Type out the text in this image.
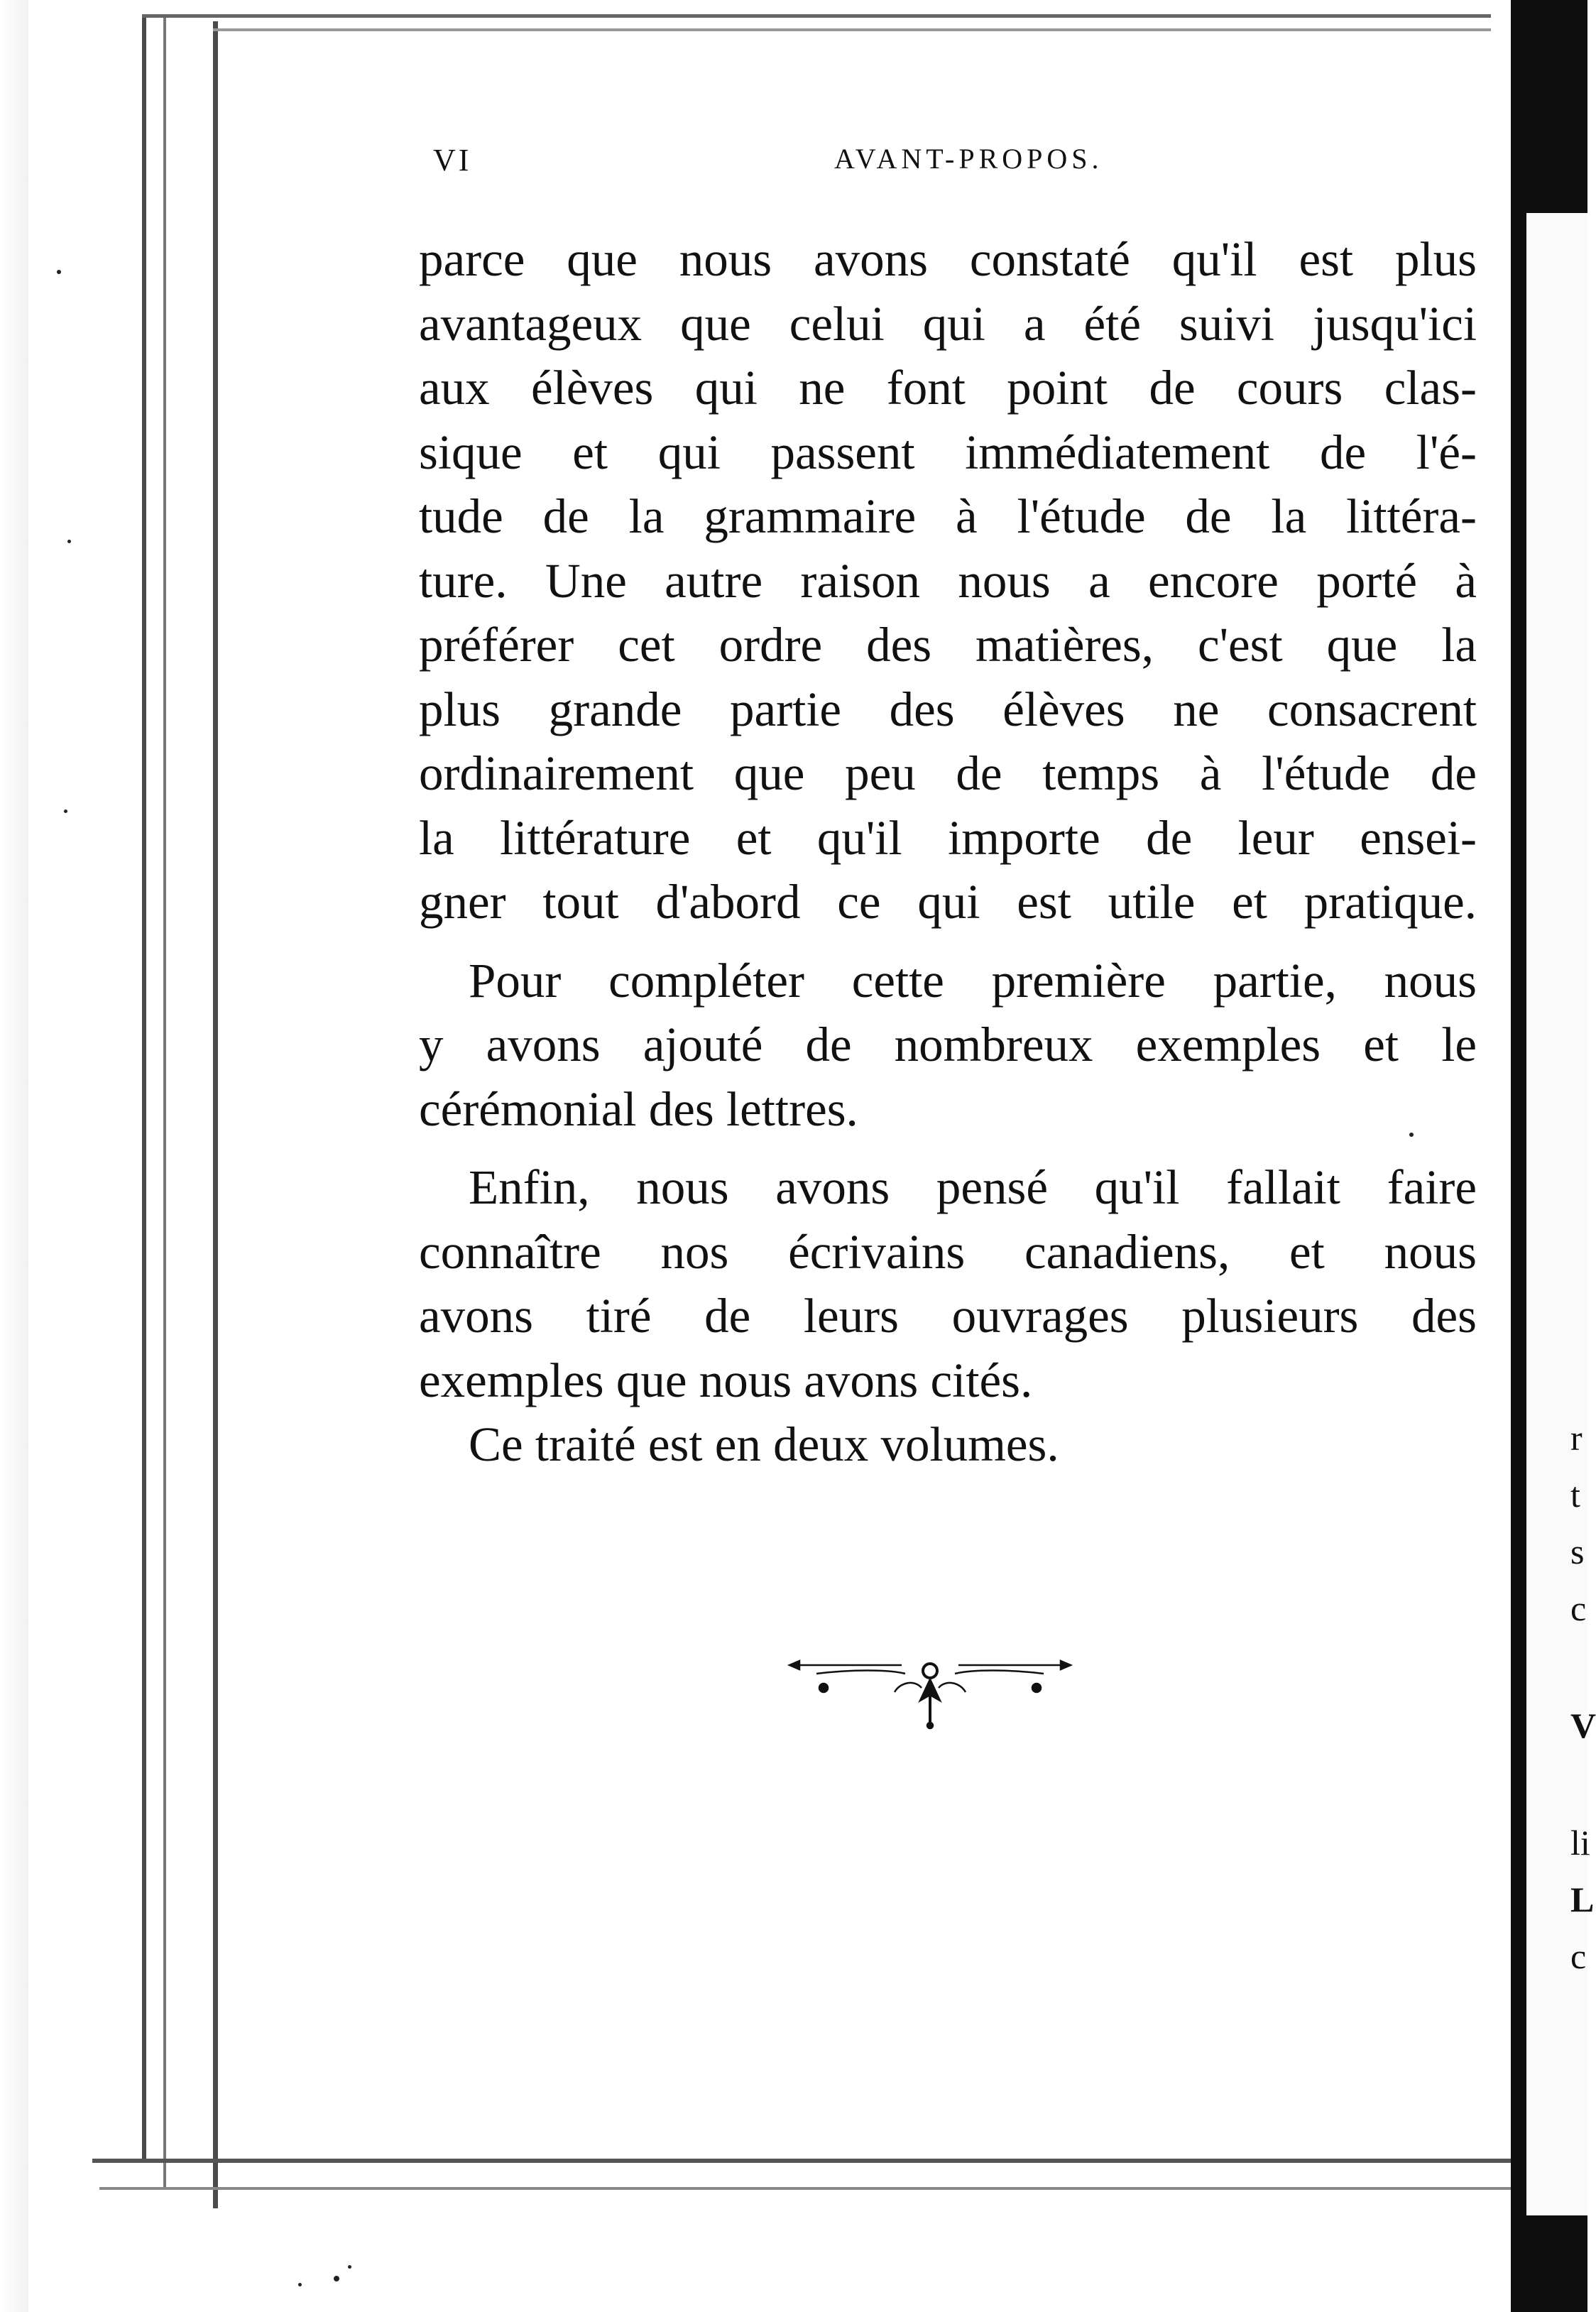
r
t
s
c
V
li
L
c
VI	AVANT-PROPOS.
parce que nous avons constaté qu'il est plus
avantageux que celui qui a été suivi jusqu'ici
aux élèves qui ne font point de cours clas-
sique et qui passent immédiatement de l'é-
tude de la grammaire à l'étude de la littéra-
ture. Une autre raison nous a encore porté à
préférer cet ordre des matières, c'est que la
plus grande partie des élèves ne consacrent
ordinairement que peu de temps à l'étude de
la littérature et qu'il importe de leur ensei-
gner tout d'abord ce qui est utile et pratique.
Pour compléter cette première partie, nous
y avons ajouté de nombreux exemples et le
cérémonial des lettres.
Enfin, nous avons pensé qu'il fallait faire
connaître nos écrivains canadiens, et nous
avons tiré de leurs ouvrages plusieurs des
exemples que nous avons cités.
Ce traité est en deux volumes.
